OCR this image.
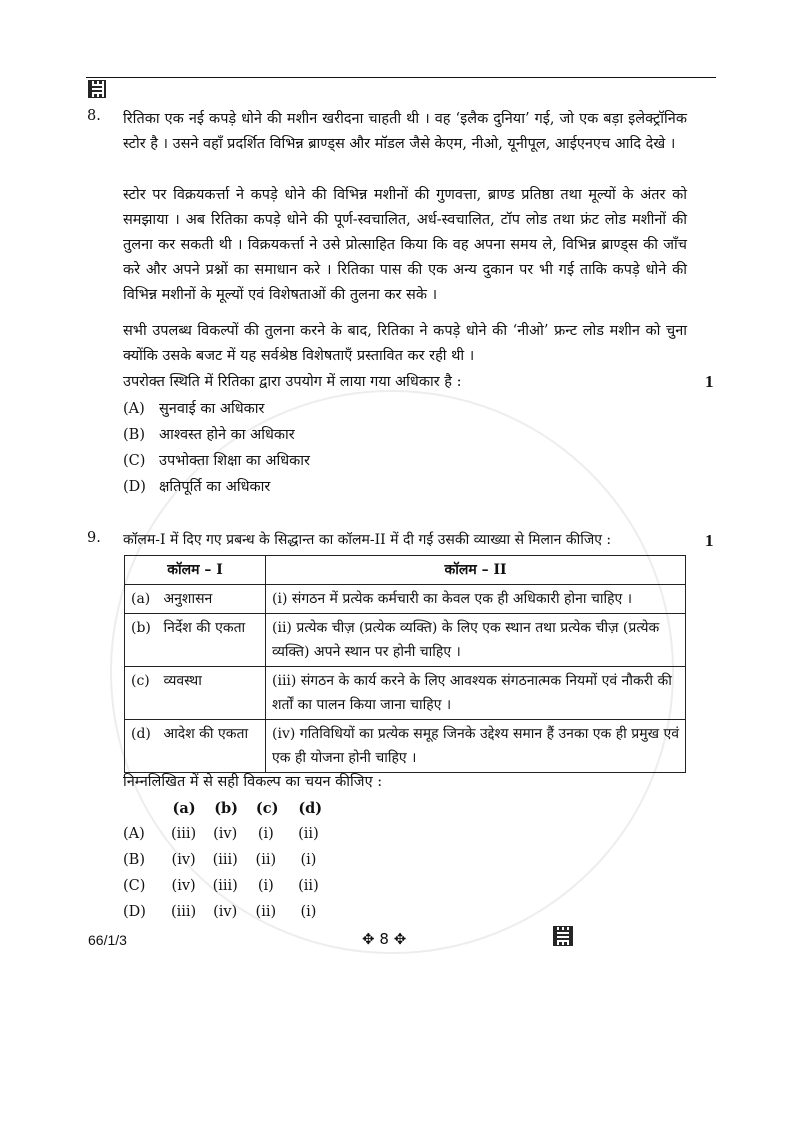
8. रितिका एक नई कपड़े धोने की मशीन खरीदना चाहती थी । वह ‘इलैक दुनिया’ गई, जो एक बड़ा इलेक्ट्रॉनिक स्टोर है । उसने वहाँ प्रदर्शित विभिन्न ब्राण्ड्स और मॉडल जैसे केएम, नीओ, यूनीपूल, आईएनएच आदि देखे ।
स्टोर पर विक्रयकर्त्ता ने कपड़े धोने की विभिन्न मशीनों की गुणवत्ता, ब्राण्ड प्रतिष्ठा तथा मूल्यों के अंतर को समझाया । अब रितिका कपड़े धोने की पूर्ण-स्वचालित, अर्ध-स्वचालित, टॉप लोड तथा फ्रंट लोड मशीनों की तुलना कर सकती थी । विक्रयकर्त्ता ने उसे प्रोत्साहित किया कि वह अपना समय ले, विभिन्न ब्राण्ड्स की जाँच करे और अपने प्रश्नों का समाधान करे । रितिका पास की एक अन्य दुकान पर भी गई ताकि कपड़े धोने की विभिन्न मशीनों के मूल्यों एवं विशेषताओं की तुलना कर सके ।
सभी उपलब्ध विकल्पों की तुलना करने के बाद, रितिका ने कपड़े धोने की ‘नीओ’ फ्रन्ट लोड मशीन को चुना क्योंकि उसके बजट में यह सर्वश्रेष्ठ विशेषताएँ प्रस्तावित कर रही थी ।
उपरोक्त स्थिति में रितिका द्वारा उपयोग में लाया गया अधिकार है :	1
(A) सुनवाई का अधिकार
(B) आश्वस्त होने का अधिकार
(C) उपभोक्ता शिक्षा का अधिकार
(D) क्षतिपूर्ति का अधिकार
9. कॉलम-I में दिए गए प्रबन्ध के सिद्धान्त का कॉलम-II में दी गई उसकी व्याख्या से मिलान कीजिए :	1
कॉलम – I	कॉलम – II
(a) अनुशासन	(i) संगठन में प्रत्येक कर्मचारी का केवल एक ही अधिकारी होना चाहिए ।
(b) निर्देश की एकता	(ii) प्रत्येक चीज़ (प्रत्येक व्यक्ति) के लिए एक स्थान तथा प्रत्येक चीज़ (प्रत्येक व्यक्ति) अपने स्थान पर होनी चाहिए ।
(c) व्यवस्था	(iii) संगठन के कार्य करने के लिए आवश्यक संगठनात्मक नियमों एवं नौकरी की शर्तों का पालन किया जाना चाहिए ।
(d) आदेश की एकता	(iv) गतिविधियों का प्रत्येक समूह जिनके उद्देश्य समान हैं उनका एक ही प्रमुख एवं एक ही योजना होनी चाहिए ।
निम्नलिखित में से सही विकल्प का चयन कीजिए :
(a) (b) (c) (d)
(A) (iii) (iv) (i) (ii)
(B) (iv) (iii) (ii) (i)
(C) (iv) (iii) (i) (ii)
(D) (iii) (iv) (ii) (i)
66/1/3	✥ 8 ✥
